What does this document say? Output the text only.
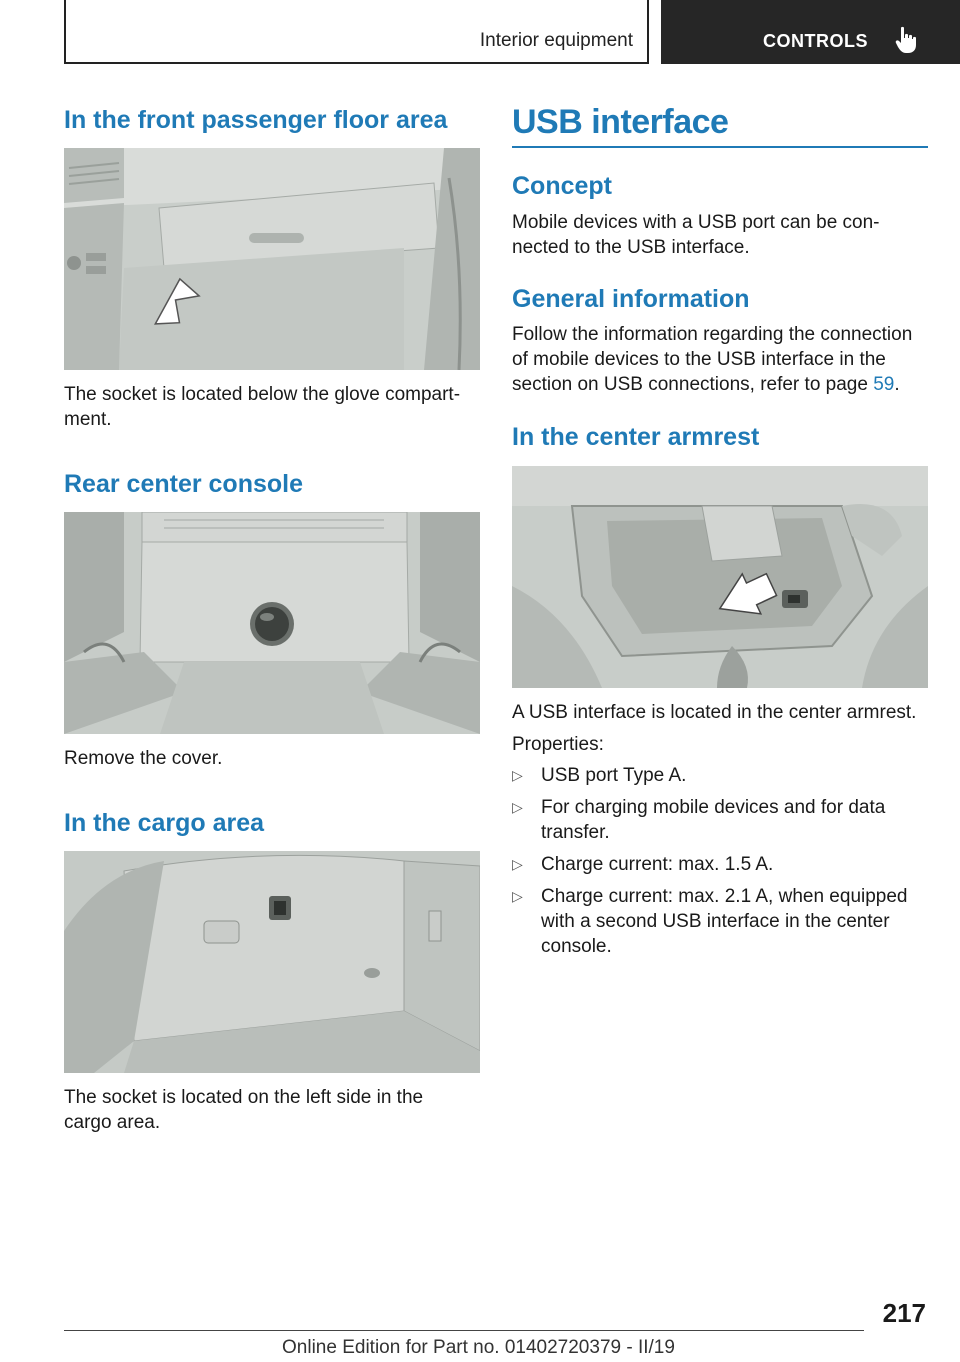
Interior equipment	CONTROLS
In the front passenger floor area
The socket is located below the glove compart-
ment.
Rear center console
Remove the cover.
In the cargo area
The socket is located on the left side in the
cargo area.
USB interface
Concept
Mobile devices with a USB port can be con-
nected to the USB interface.
General information
Follow the information regarding the connection
of mobile devices to the USB interface in the
section on USB connections, refer to page 59.
In the center armrest
A USB interface is located in the center armrest.
Properties:
▷ USB port Type A.
▷ For charging mobile devices and for data
transfer.
▷ Charge current: max. 1.5 A.
▷ Charge current: max. 2.1 A, when equipped
with a second USB interface in the center
console.
217
Online Edition for Part no. 01402720379 - II/19
